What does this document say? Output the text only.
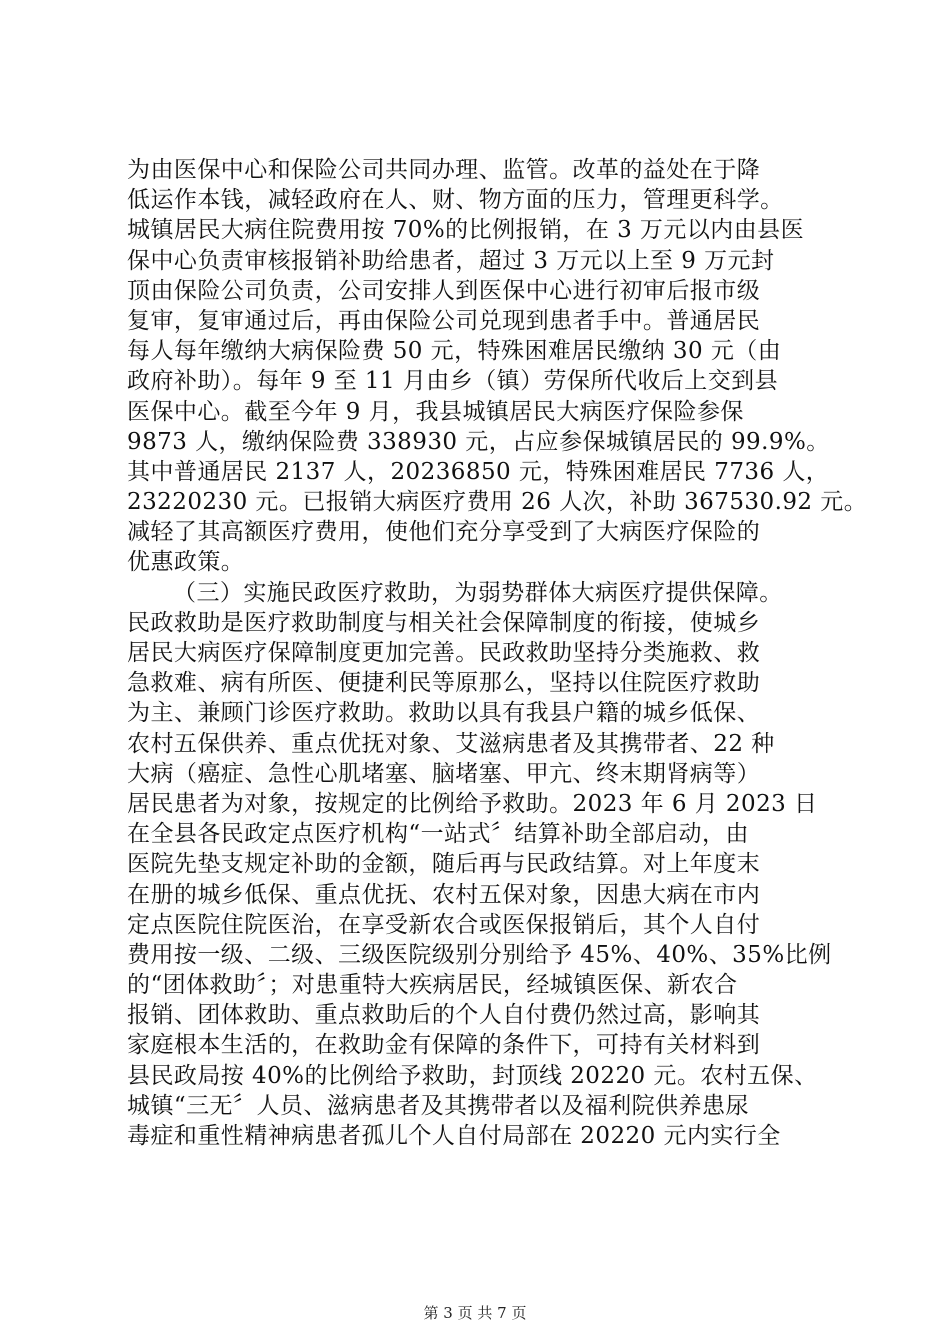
为由医保中心和保险公司共同办理、监管。改革的益处在于降
低运作本钱，减轻政府在人、财、物方面的压力，管理更科学。
城镇居民大病住院费用按 70%的比例报销，在 3 万元以内由县医
保中心负责审核报销补助给患者，超过 3 万元以上至 9 万元封
顶由保险公司负责，公司安排人到医保中心进行初审后报市级
复审，复审通过后，再由保险公司兑现到患者手中。普通居民
每人每年缴纳大病保险费 50 元，特殊困难居民缴纳 30 元（由
政府补助）。每年 9 至 11 月由乡（镇）劳保所代收后上交到县
医保中心。截至今年 9 月，我县城镇居民大病医疗保险参保
9873 人，缴纳保险费 338930 元，占应参保城镇居民的 99.9%。
其中普通居民 2137 人，20236850 元，特殊困难居民 7736 人，
23220230 元。已报销大病医疗费用 26 人次，补助 367530.92 元。
减轻了其高额医疗费用，使他们充分享受到了大病医疗保险的
优惠政策。
（三）实施民政医疗救助，为弱势群体大病医疗提供保障。
民政救助是医疗救助制度与相关社会保障制度的衔接，使城乡
居民大病医疗保障制度更加完善。民政救助坚持分类施救、救
急救难、病有所医、便捷利民等原那么，坚持以住院医疗救助
为主、兼顾门诊医疗救助。救助以具有我县户籍的城乡低保、
农村五保供养、重点优抚对象、艾滋病患者及其携带者、22 种
大病（癌症、急性心肌堵塞、脑堵塞、甲亢、终末期肾病等）
居民患者为对象，按规定的比例给予救助。2023 年 6 月 2023 日
在全县各民政定点医疗机构“一站式〞结算补助全部启动，由
医院先垫支规定补助的金额，随后再与民政结算。对上年度末
在册的城乡低保、重点优抚、农村五保对象，因患大病在市内
定点医院住院医治，在享受新农合或医保报销后，其个人自付
费用按一级、二级、三级医院级别分别给予 45%、40%、35%比例
的“团体救助〞；对患重特大疾病居民，经城镇医保、新农合
报销、团体救助、重点救助后的个人自付费仍然过高，影响其
家庭根本生活的，在救助金有保障的条件下，可持有关材料到
县民政局按 40%的比例给予救助，封顶线 20220 元。农村五保、
城镇“三无〞人员、滋病患者及其携带者以及福利院供养患尿
毒症和重性精神病患者孤儿个人自付局部在 20220 元内实行全
第 3 页 共 7 页
